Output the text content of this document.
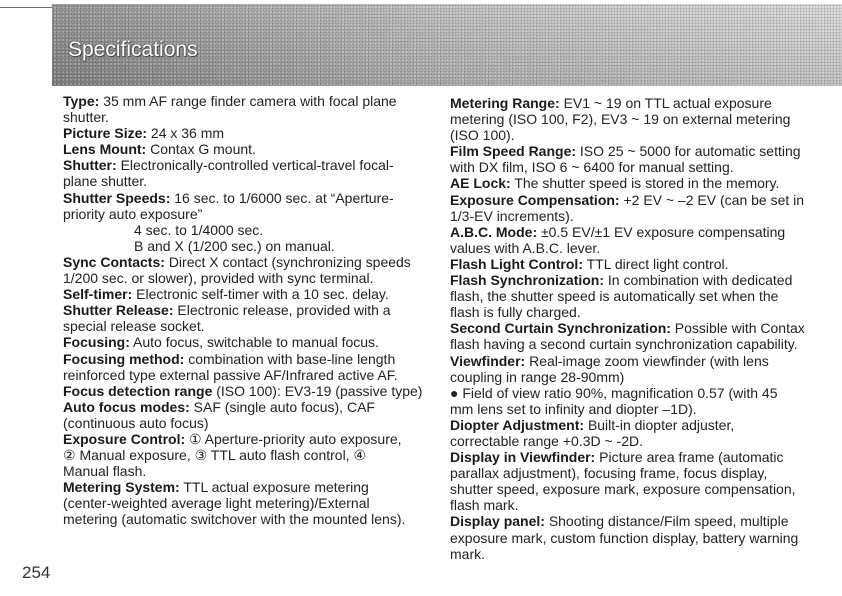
Specifications
Type: 35 mm AF range finder camera with focal plane
shutter.
Picture Size: 24 x 36 mm
Lens Mount: Contax G mount.
Shutter: Electronically-controlled vertical-travel focal-
plane shutter.
Shutter Speeds: 16 sec. to 1/6000 sec. at “Aperture-
priority auto exposure”
4 sec. to 1/4000 sec.
B and X (1/200 sec.) on manual.
Sync Contacts: Direct X contact (synchronizing speeds
1/200 sec. or slower), provided with sync terminal.
Self-timer: Electronic self-timer with a 10 sec. delay.
Shutter Release: Electronic release, provided with a
special release socket.
Focusing: Auto focus, switchable to manual focus.
Focusing method: combination with base-line length
reinforced type external passive AF/Infrared active AF.
Focus detection range (ISO 100): EV3-19 (passive type)
Auto focus modes: SAF (single auto focus), CAF
(continuous auto focus)
Exposure Control: ① Aperture-priority auto exposure,
② Manual exposure, ③ TTL auto flash control, ④
Manual flash.
Metering System: TTL actual exposure metering
(center-weighted average light metering)/External
metering (automatic switchover with the mounted lens).
Metering Range: EV1 ~ 19 on TTL actual exposure
metering (ISO 100, F2), EV3 ~ 19 on external metering
(ISO 100).
Film Speed Range: ISO 25 ~ 5000 for automatic setting
with DX film, ISO 6 ~ 6400 for manual setting.
AE Lock: The shutter speed is stored in the memory.
Exposure Compensation: +2 EV ~ –2 EV (can be set in
1/3-EV increments).
A.B.C. Mode: ±0.5 EV/±1 EV exposure compensating
values with A.B.C. lever.
Flash Light Control: TTL direct light control.
Flash Synchronization: In combination with dedicated
flash, the shutter speed is automatically set when the
flash is fully charged.
Second Curtain Synchronization: Possible with Contax
flash having a second curtain synchronization capability.
Viewfinder: Real-image zoom viewfinder (with lens
coupling in range 28-90mm)
● Field of view ratio 90%, magnification 0.57 (with 45
mm lens set to infinity and diopter –1D).
Diopter Adjustment: Built-in diopter adjuster,
correctable range +0.3D ~ -2D.
Display in Viewfinder: Picture area frame (automatic
parallax adjustment), focusing frame, focus display,
shutter speed, exposure mark, exposure compensation,
flash mark.
Display panel: Shooting distance/Film speed, multiple
exposure mark, custom function display, battery warning
mark.
254
